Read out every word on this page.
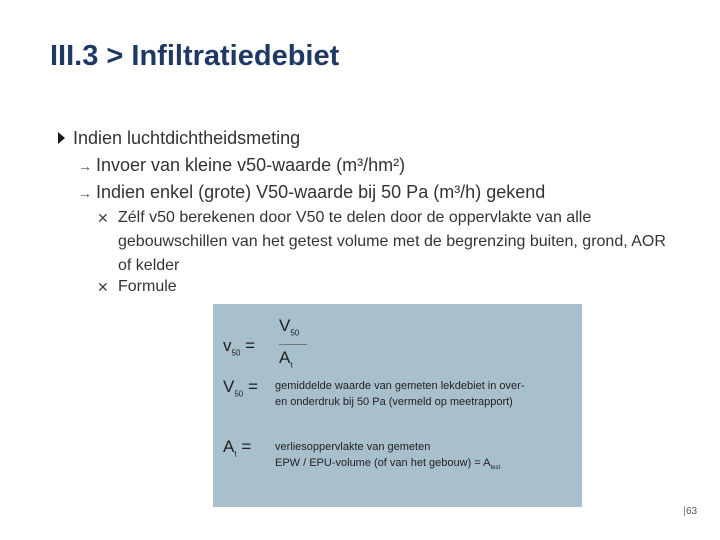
III.3 > Infiltratiedebiet
Indien luchtdichtheidsmeting
→ Invoer van kleine v50-waarde (m³/hm²)
→ Indien enkel (grote) V50-waarde bij 50 Pa (m³/h) gekend
✕ Zélf v50 berekenen door V50 te delen door de oppervlakte van alle gebouwschillen van het getest volume met de begrenzing buiten, grond, AOR of kelder
✕ Formule
$v_{50}$ =
$V_{50}$
$A_t$
$V_{50}$ = gemiddelde waarde van gemeten lekdebiet in over-
en onderdruk bij 50 Pa (vermeld op meetrapport)
$A_t$ = verliesoppervlakte van gemeten
EPW / EPU-volume (of van het gebouw) = $A_{test}$
63
